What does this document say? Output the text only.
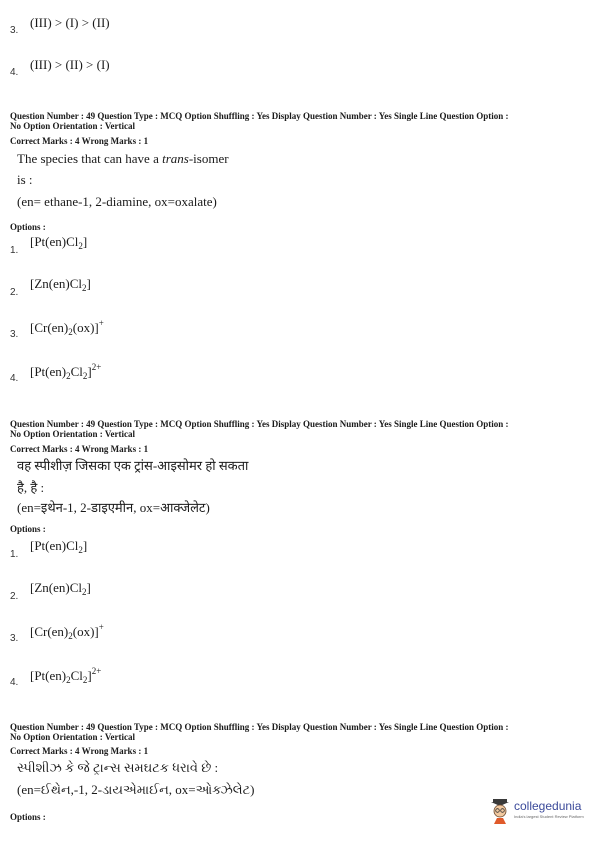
3.
(III) > (I) > (II)
4.
(III) > (II) > (I)
Question Number : 49 Question Type : MCQ Option Shuffling : Yes Display Question Number : Yes Single Line Question Option :
No Option Orientation : Vertical
Correct Marks : 4 Wrong Marks : 1
The species that can have a trans-isomer
is :
(en= ethane-1, 2-diamine, ox=oxalate)
Options :
1.
$[Pt(en)Cl_2]$
2.
$[Zn(en)Cl_2]$
3. $[Cr(en)_2(ox)]^+$
4. $[Pt(en)_2Cl_2]^{2+}$
Question Number : 49 Question Type : MCQ Option Shuffling : Yes Display Question Number : Yes Single Line Question Option :
No Option Orientation : Vertical
Correct Marks : 4 Wrong Marks : 1
वह स्पीशीज़ जिसका एक ट्रांस-आइसोमर हो सकता
है, है :
(en=इथेन-1, 2-डाइएमीन, ox=आक्जेलेट)
Options :
1.
$[Pt(en)Cl_2]$
2.
$[Zn(en)Cl_2]$
3. $[Cr(en)_2(ox)]^+$
4. $[Pt(en)_2Cl_2]^{2+}$
Question Number : 49 Question Type : MCQ Option Shuffling : Yes Display Question Number : Yes Single Line Question Option :
No Option Orientation : Vertical
Correct Marks : 4 Wrong Marks : 1
સ્પીશીઝ કે જે ટ્રાન્સ સમઘટક ધરાવે છે :
(en=ઈથેન,-1, 2-ડાયએમાઈન, ox=ઓક્ઝેલેટ)
Options :
collegedunia
India's largest Student Review Platform
